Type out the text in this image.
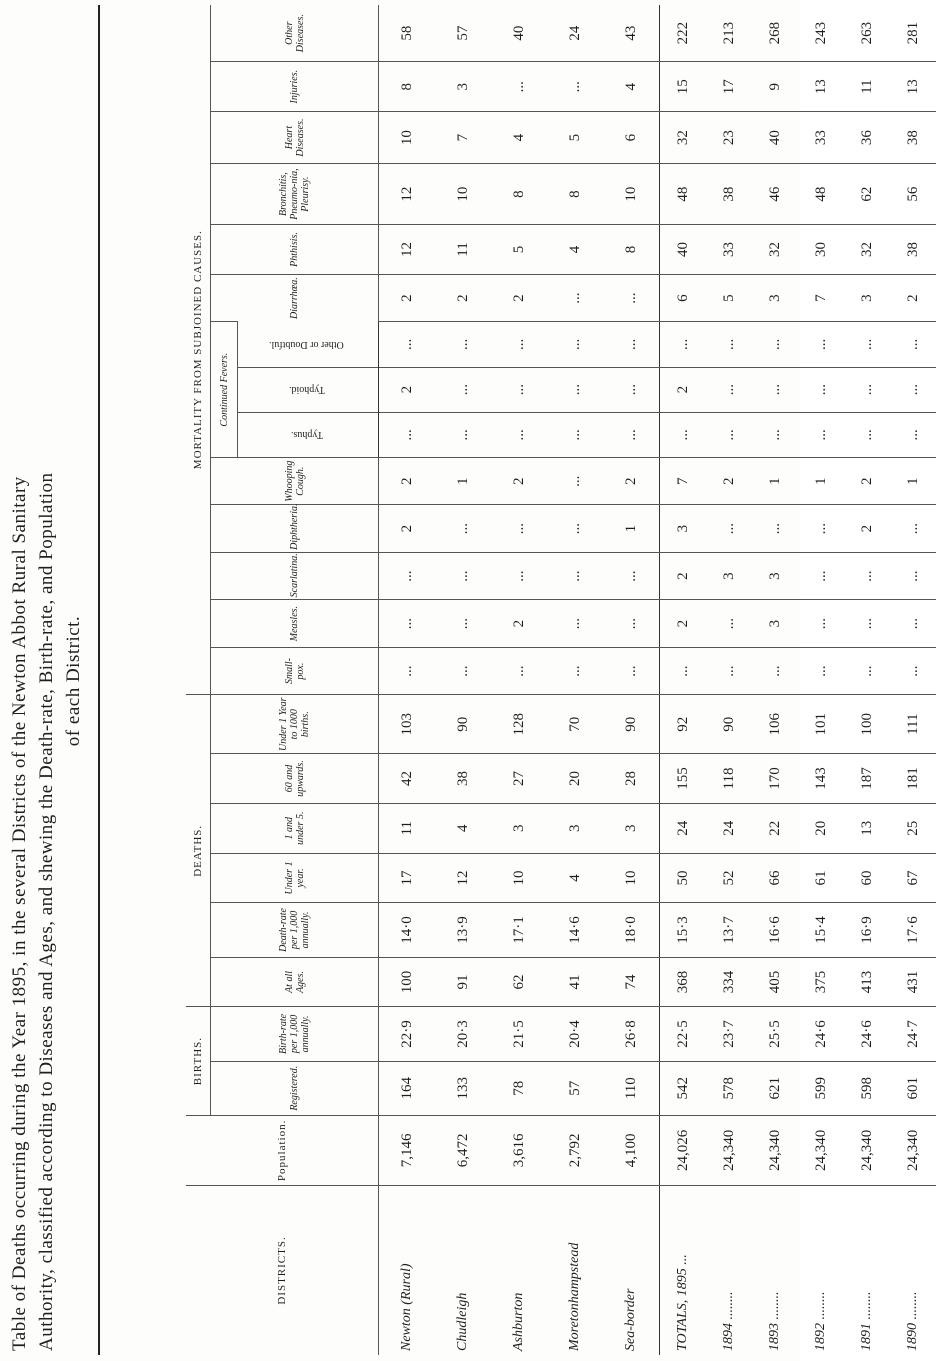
Table of Deaths occurring during the Year 1895, in the several Districts of the Newton Abbot Rural Sanitary Authority, classified according to Diseases and Ages, and shewing the Death-rate, Birth-rate, and Population of each District.
DISTRICTS.	Population.	BIRTHS.		DEATHS.						MORTALITY FROM SUBJOINED CAUSES.													
		Registered.	Birth-rate per 1,000 annually.	At all Ages.	Death-rate per 1,000 annually.	Under 1 year.	1 and under 5.	60 and upwards.	Under 1 Year to 1000 births.	Small-pox.	Measles.	Scarlatina.	Diphtheria.	Whooping Cough.	Continued Fevers.			Diarrhœa.	Phthisis.	Bronchitis, Pneumo-nia, Pleurisy.	Heart Diseases.	Injuries.	Other Diseases.
															Typhus.	Typhoid.	Other or Doubtful.						
Newton (Rural)	7,146	164	22·9	100	14·0	17	11	42	103	...	...	...	2	2	...	2	...	2	12	12	10	8	58
Chudleigh	6,472	133	20·3	91	13·9	12	4	38	90	...	...	...	...	1	...	...	...	2	11	10	7	3	57
Ashburton	3,616	78	21·5	62	17·1	10	3	27	128	...	2	...	...	2	...	...	...	2	5	8	4	...	40
Moretonhampstead	2,792	57	20·4	41	14·6	4	3	20	70	...	...	...	...	...	...	...	...	...	4	8	5	...	24
Sea-border	4,100	110	26·8	74	18·0	10	3	28	90	...	...	...	1	2	...	...	...	...	8	10	6	4	43
TOTALS, 1895 ...	24,026	542	22·5	368	15·3	50	24	155	92	...	2	2	3	7	...	2	...	6	40	48	32	15	222
1894 ........	24,340	578	23·7	334	13·7	52	24	118	90	...	...	3	...	2	...	...	...	5	33	38	23	17	213
1893 ........	24,340	621	25·5	405	16·6	66	22	170	106	...	3	3	...	1	...	...	...	3	32	46	40	9	268
1892 ........	24,340	599	24·6	375	15·4	61	20	143	101	...	...	...	...	1	...	...	...	7	30	48	33	13	243
1891 ........	24,340	598	24·6	413	16·9	60	13	187	100	...	...	...	2	2	...	...	...	3	32	62	36	11	263
1890 ........	24,340	601	24·7	431	17·6	67	25	181	111	...	...	...	...	1	...	...	...	2	38	56	38	13	281
